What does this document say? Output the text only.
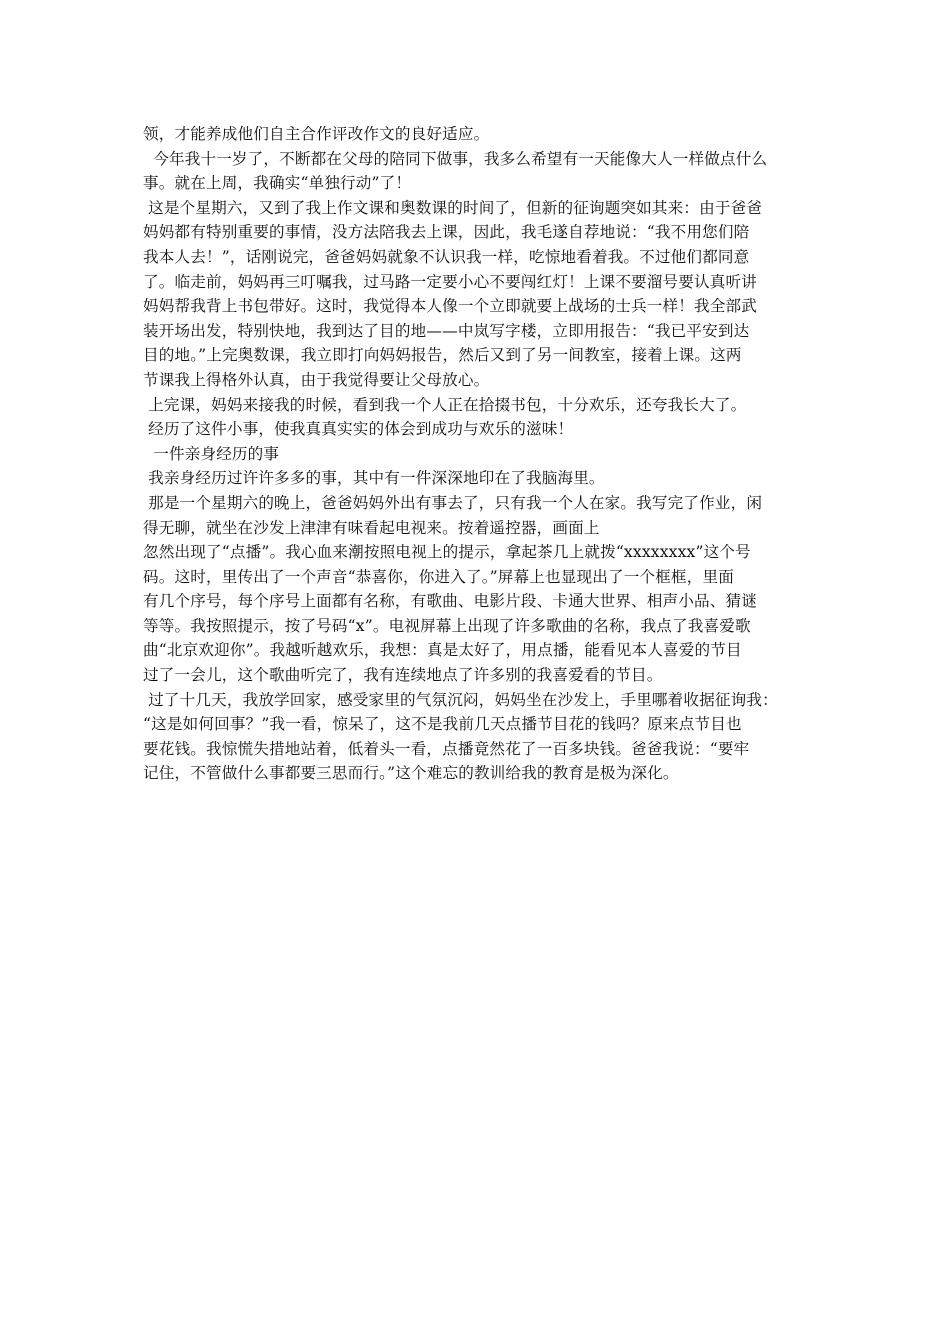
领，才能养成他们自主合作评改作文的良好适应。
今年我十一岁了，不断都在父母的陪同下做事，我多么希望有一天能像大人一样做点什么
事。就在上周，我确实“单独行动”了！
这是个星期六，又到了我上作文课和奥数课的时间了，但新的征询题突如其来：由于爸爸
妈妈都有特别重要的事情，没方法陪我去上课，因此，我毛遂自荐地说：“我不用您们陪
我本人去！”，话刚说完，爸爸妈妈就象不认识我一样，吃惊地看着我。不过他们都同意
了。临走前，妈妈再三叮嘱我，过马路一定要小心不要闯红灯！上课不要溜号要认真听讲
妈妈帮我背上书包带好。这时，我觉得本人像一个立即就要上战场的士兵一样！我全部武
装开场出发，特别快地，我到达了目的地——中岚写字楼，立即用报告：“我已平安到达
目的地。”上完奥数课，我立即打向妈妈报告，然后又到了另一间教室，接着上课。这两
节课我上得格外认真，由于我觉得要让父母放心。
上完课，妈妈来接我的时候，看到我一个人正在拾掇书包，十分欢乐，还夸我长大了。
经历了这件小事，使我真真实实的体会到成功与欢乐的滋味！
一件亲身经历的事
我亲身经历过许许多多的事，其中有一件深深地印在了我脑海里。
那是一个星期六的晚上，爸爸妈妈外出有事去了，只有我一个人在家。我写完了作业，闲
得无聊，就坐在沙发上津津有味看起电视来。按着遥控器，画面上
忽然出现了“点播”。我心血来潮按照电视上的提示，拿起茶几上就拨“xxxxxxxx”这个号
码。这时，里传出了一个声音“恭喜你，你进入了。”屏幕上也显现出了一个框框，里面
有几个序号，每个序号上面都有名称，有歌曲、电影片段、卡通大世界、相声小品、猜谜
等等。我按照提示，按了号码“x”。电视屏幕上出现了许多歌曲的名称，我点了我喜爱歌
曲“北京欢迎你”。我越听越欢乐，我想：真是太好了，用点播，能看见本人喜爱的节目
过了一会儿，这个歌曲听完了，我有连续地点了许多别的我喜爱看的节目。
过了十几天，我放学回家，感受家里的气氛沉闷，妈妈坐在沙发上，手里哪着收据征询我：
“这是如何回事？”我一看，惊呆了，这不是我前几天点播节目花的钱吗？原来点节目也
要花钱。我惊慌失措地站着，低着头一看，点播竟然花了一百多块钱。爸爸我说：“要牢
记住，不管做什么事都要三思而行。”这个难忘的教训给我的教育是极为深化。
